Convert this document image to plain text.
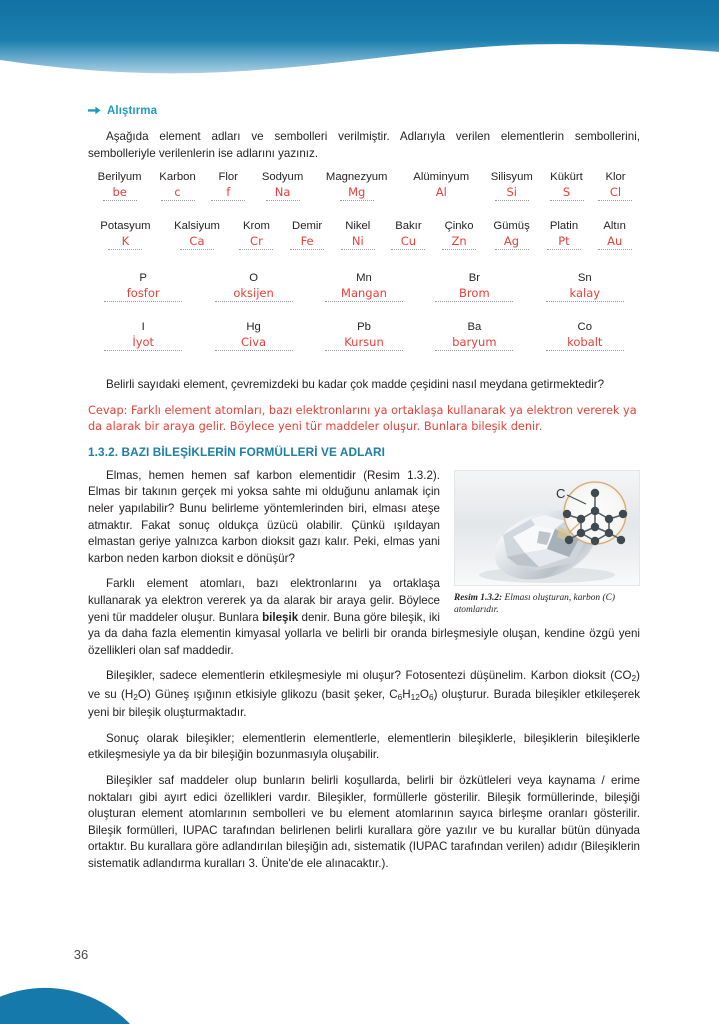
Alıştırma

Aşağıda element adları ve sembolleri verilmiştir. Adlarıyla verilen elementlerin sembollerini, sembolleriyle verilenlerin ise adlarını yazınız.

Berilyum	Karbon	Flor	Sodyum	Magnezyum	Alüminyum	Silisyum	Kükürt	Klor
be	c	f	Na	Mg	Al	Si	S	Cl
Potasyum	Kalsiyum	Krom	Demir	Nikel	Bakır	Çinko	Gümüş	Platin	Altın
K	Ca	Cr	Fe	Ni	Cu	Zn	Ag	Pt	Au
P	O	Mn	Br	Sn
fosfor	oksijen	Mangan	Brom	kalay
I	Hg	Pb	Ba	Co
İyot	Civa	Kursun	baryum	kobalt

Belirli sayıdaki element, çevremizdeki bu kadar çok madde çeşidini nasıl meydana getirmektedir?

Cevap: Farklı element atomları, bazı elektronlarını ya ortaklaşa kullanarak ya elektron vererek ya da alarak bir araya gelir. Böylece yeni tür maddeler oluşur. Bunlara bileşik denir.

1.3.2. BAZI BİLEŞİKLERİN FORMÜLLERİ VE ADLARI
C
Resim 1.3.2: Elması oluşturan, karbon (C) atomlarıdır.

Elmas, hemen hemen saf karbon elementidir (Resim 1.3.2). Elmas bir takının gerçek mi yoksa sahte mi olduğunu anlamak için neler yapılabilir? Bunu belirleme yöntemlerinden biri, elması ateşe atmaktır. Fakat sonuç oldukça üzücü olabilir. Çünkü ışıldayan elmastan geriye yalnızca karbon dioksit gazı kalır. Peki, elmas yani karbon neden karbon dioksit e dönüşür?

Farklı element atomları, bazı elektronlarını ya ortaklaşa kullanarak ya elektron vererek ya da alarak bir araya gelir. Böylece yeni tür maddeler oluşur. Bunlara bileşik denir. Buna göre bileşik, iki ya da daha fazla elementin kimyasal yollarla ve belirli bir oranda birleşmesiyle oluşan, kendine özgü yeni özellikleri olan saf maddedir.

Bileşikler, sadece elementlerin etkileşmesiyle mi oluşur? Fotosentezi düşünelim. Karbon dioksit $(CO_2)$ ve su $(H_2O)$ Güneş ışığının etkisiyle glikozu (basit şeker, $C_6H_{12}O_6$) oluşturur. Burada bileşikler etkileşerek yeni bir bileşik oluşturmaktadır.

Sonuç olarak bileşikler; elementlerin elementlerle, elementlerin bileşiklerle, bileşiklerin bileşiklerle etkileşmesiyle ya da bir bileşiğin bozunmasıyla oluşabilir.

Bileşikler saf maddeler olup bunların belirli koşullarda, belirli bir özkütleleri veya kaynama / erime noktaları gibi ayırt edici özellikleri vardır. Bileşikler, formüllerle gösterilir. Bileşik formüllerinde, bileşiği oluşturan element atomlarının sembolleri ve bu element atomlarının sayıca birleşme oranları gösterilir. Bileşik formülleri, IUPAC tarafından belirlenen belirli kurallara göre yazılır ve bu kurallar bütün dünyada ortaktır. Bu kurallara göre adlandırılan bileşiğin adı, sistematik (IUPAC tarafından verilen) adıdır (Bileşiklerin sistematik adlandırma kuralları 3. Ünite'de ele alınacaktır.).

36
